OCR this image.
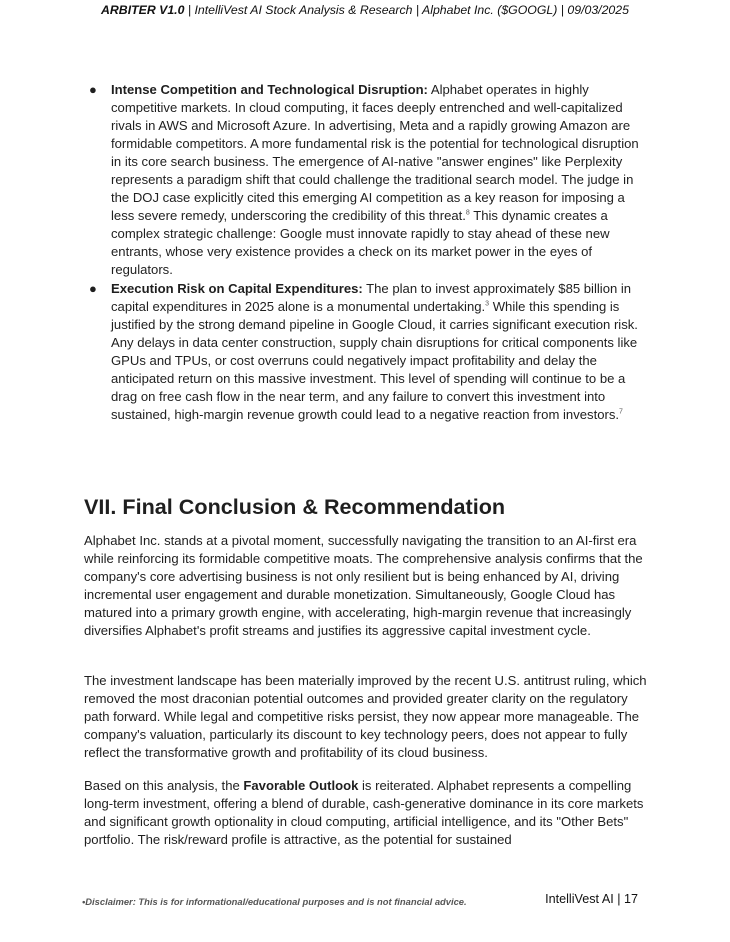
ARBITER V1.0 | IntelliVest AI Stock Analysis & Research | Alphabet Inc. ($GOOGL) | 09/03/2025
● Intense Competition and Technological Disruption: Alphabet operates in highly competitive markets. In cloud computing, it faces deeply entrenched and well-capitalized rivals in AWS and Microsoft Azure. In advertising, Meta and a rapidly growing Amazon are formidable competitors. A more fundamental risk is the potential for technological disruption in its core search business. The emergence of AI-native "answer engines" like Perplexity represents a paradigm shift that could challenge the traditional search model. The judge in the DOJ case explicitly cited this emerging AI competition as a key reason for imposing a less severe remedy, underscoring the credibility of this threat.$^8$ This dynamic creates a complex strategic challenge: Google must innovate rapidly to stay ahead of these new entrants, whose very existence provides a check on its market power in the eyes of regulators.
● Execution Risk on Capital Expenditures: The plan to invest approximately $85 billion in capital expenditures in 2025 alone is a monumental undertaking.$^3$ While this spending is justified by the strong demand pipeline in Google Cloud, it carries significant execution risk. Any delays in data center construction, supply chain disruptions for critical components like GPUs and TPUs, or cost overruns could negatively impact profitability and delay the anticipated return on this massive investment. This level of spending will continue to be a drag on free cash flow in the near term, and any failure to convert this investment into sustained, high-margin revenue growth could lead to a negative reaction from investors.$^7$
VII. Final Conclusion & Recommendation

Alphabet Inc. stands at a pivotal moment, successfully navigating the transition to an AI-first era while reinforcing its formidable competitive moats. The comprehensive analysis confirms that the company's core advertising business is not only resilient but is being enhanced by AI, driving incremental user engagement and durable monetization. Simultaneously, Google Cloud has matured into a primary growth engine, with accelerating, high-margin revenue that increasingly diversifies Alphabet's profit streams and justifies its aggressive capital investment cycle.

The investment landscape has been materially improved by the recent U.S. antitrust ruling, which removed the most draconian potential outcomes and provided greater clarity on the regulatory path forward. While legal and competitive risks persist, they now appear more manageable. The company's valuation, particularly its discount to key technology peers, does not appear to fully reflect the transformative growth and profitability of its cloud business.

Based on this analysis, the Favorable Outlook is reiterated. Alphabet represents a compelling long-term investment, offering a blend of durable, cash-generative dominance in its core markets and significant growth optionality in cloud computing, artificial intelligence, and its "Other Bets" portfolio. The risk/reward profile is attractive, as the potential for sustained

•Disclaimer: This is for informational/educational purposes and is not financial advice.	IntelliVest AI | 17
